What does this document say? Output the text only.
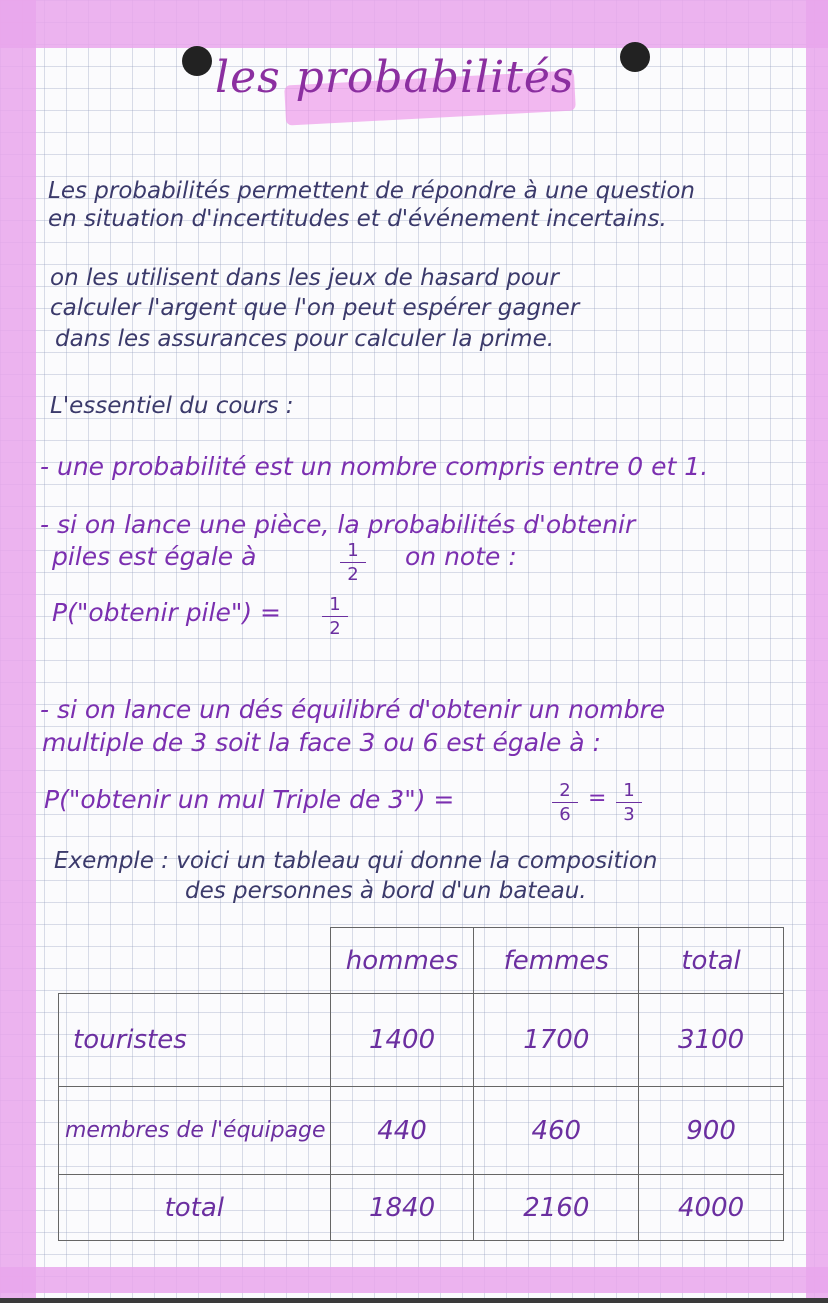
les probabilités
Les probabilités permettent de répondre à une question
en situation d'incertitudes et d'événement incertains.
on les utilisent dans les jeux de hasard pour
calculer l'argent que l'on peut espérer gagner
dans les assurances pour calculer la prime.
L'essentiel du cours :
- une probabilité est un nombre compris entre 0 et 1.
- si on lance une pièce, la probabilités d'obtenir
piles est égale à	1
2
on note :
P("obtenir pile") =	1
2
- si on lance un dés équilibré d'obtenir un nombre
multiple de 3 soit la face 3 ou 6 est égale à :
P("obtenir un mul Triple de 3") =	2
6
= 1
3
Exemple : voici un tableau qui donne la composition
des personnes à bord d'un bateau.
	hommes	femmes	total
touristes	1400	1700	3100
membres de l'équipage	440	460	900
total	1840	2160	4000
